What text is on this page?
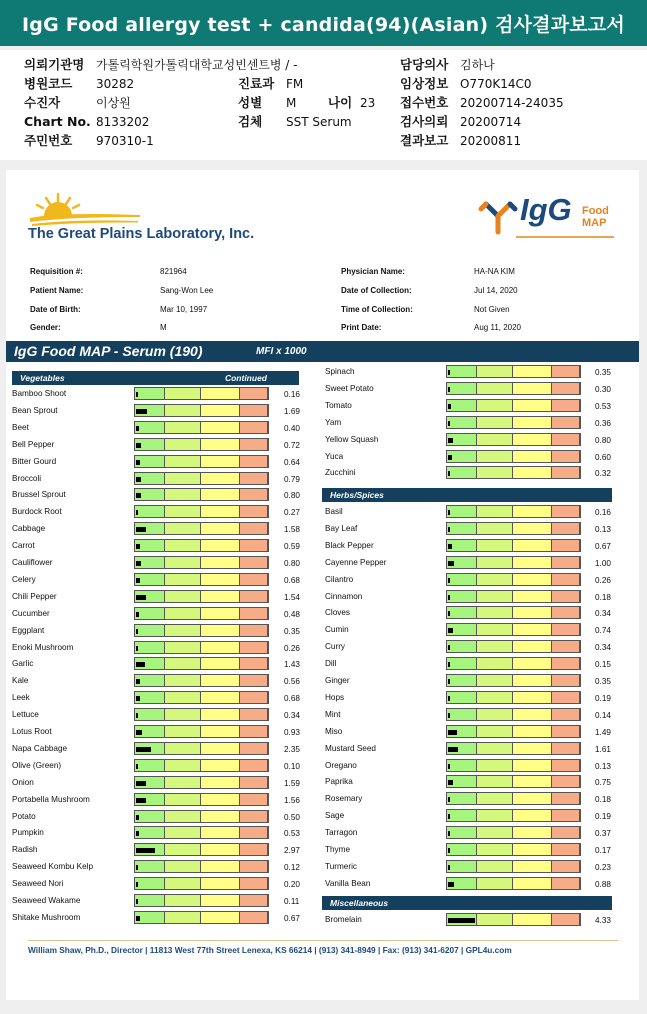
IgG Food allergy test + candida(94)(Asian) 검사결과보고서
의뢰기관명 가톨릭학원가톨릭대학교성빈센트병 / -
병원코드 30282
수진자	이상원
Chart No. 8133202
주민번호 970310-1
진료과 FM
성별 M	나이 23
검체 SST Serum
담당의사 김하나
임상정보 O770K14C0
접수번호 20200714-24035
검사의뢰 20200714
결과보고 20200811
The Great Plains Laboratory, Inc.
IgG Food
MAP
Requisition #:	821964
Patient Name:	Sang-Won Lee
Date of Birth:	Mar 10, 1997
Gender:	M
Physician Name:	HA-NA KIM
Date of Collection:	Jul 14, 2020
Time of Collection:	Not Given
Print Date:	Aug 11, 2020
IgG Food MAP - Serum (190)	MFI x 1000
Vegetables	Continued
Herbs/Spices
Miscellaneous
Bamboo Shoot	0.16
Bean Sprout	1.69
Beet	0.40
Bell Pepper	0.72
Bitter Gourd	0.64
Broccoli	0.79
Brussel Sprout	0.80
Burdock Root	0.27
Cabbage	1.58
Carrot	0.59
Cauliflower	0.80
Celery	0.68
Chili Pepper	1.54
Cucumber	0.48
Eggplant	0.35
Enoki Mushroom	0.26
Garlic	1.43
Kale	0.56
Leek	0.68
Lettuce	0.34
Lotus Root	0.93
Napa Cabbage	2.35
Olive (Green)	0.10
Onion	1.59
Portabella Mushroom	1.56
Potato	0.50
Pumpkin	0.53
Radish	2.97
Seaweed Kombu Kelp	0.12
Seaweed Nori	0.20
Seaweed Wakame	0.11
Shitake Mushroom	0.67
Spinach	0.35
Sweet Potato	0.30
Tomato	0.53
Yam	0.36
Yellow Squash	0.80
Yuca	0.60
Zucchini	0.32
Basil	0.16
Bay Leaf	0.13
Black Pepper	0.67
Cayenne Pepper	1.00
Cilantro	0.26
Cinnamon	0.18
Cloves	0.34
Cumin	0.74
Curry	0.34
Dill	0.15
Ginger	0.35
Hops	0.19
Mint	0.14
Miso	1.49
Mustard Seed	1.61
Oregano	0.13
Paprika	0.75
Rosemary	0.18
Sage	0.19
Tarragon	0.37
Thyme	0.17
Turmeric	0.23
Vanilla Bean	0.88
Bromelain	4.33
William Shaw, Ph.D., Director | 11813 West 77th Street Lenexa, KS 66214 | (913) 341-8949 | Fax: (913) 341-6207 | GPL4u.com
